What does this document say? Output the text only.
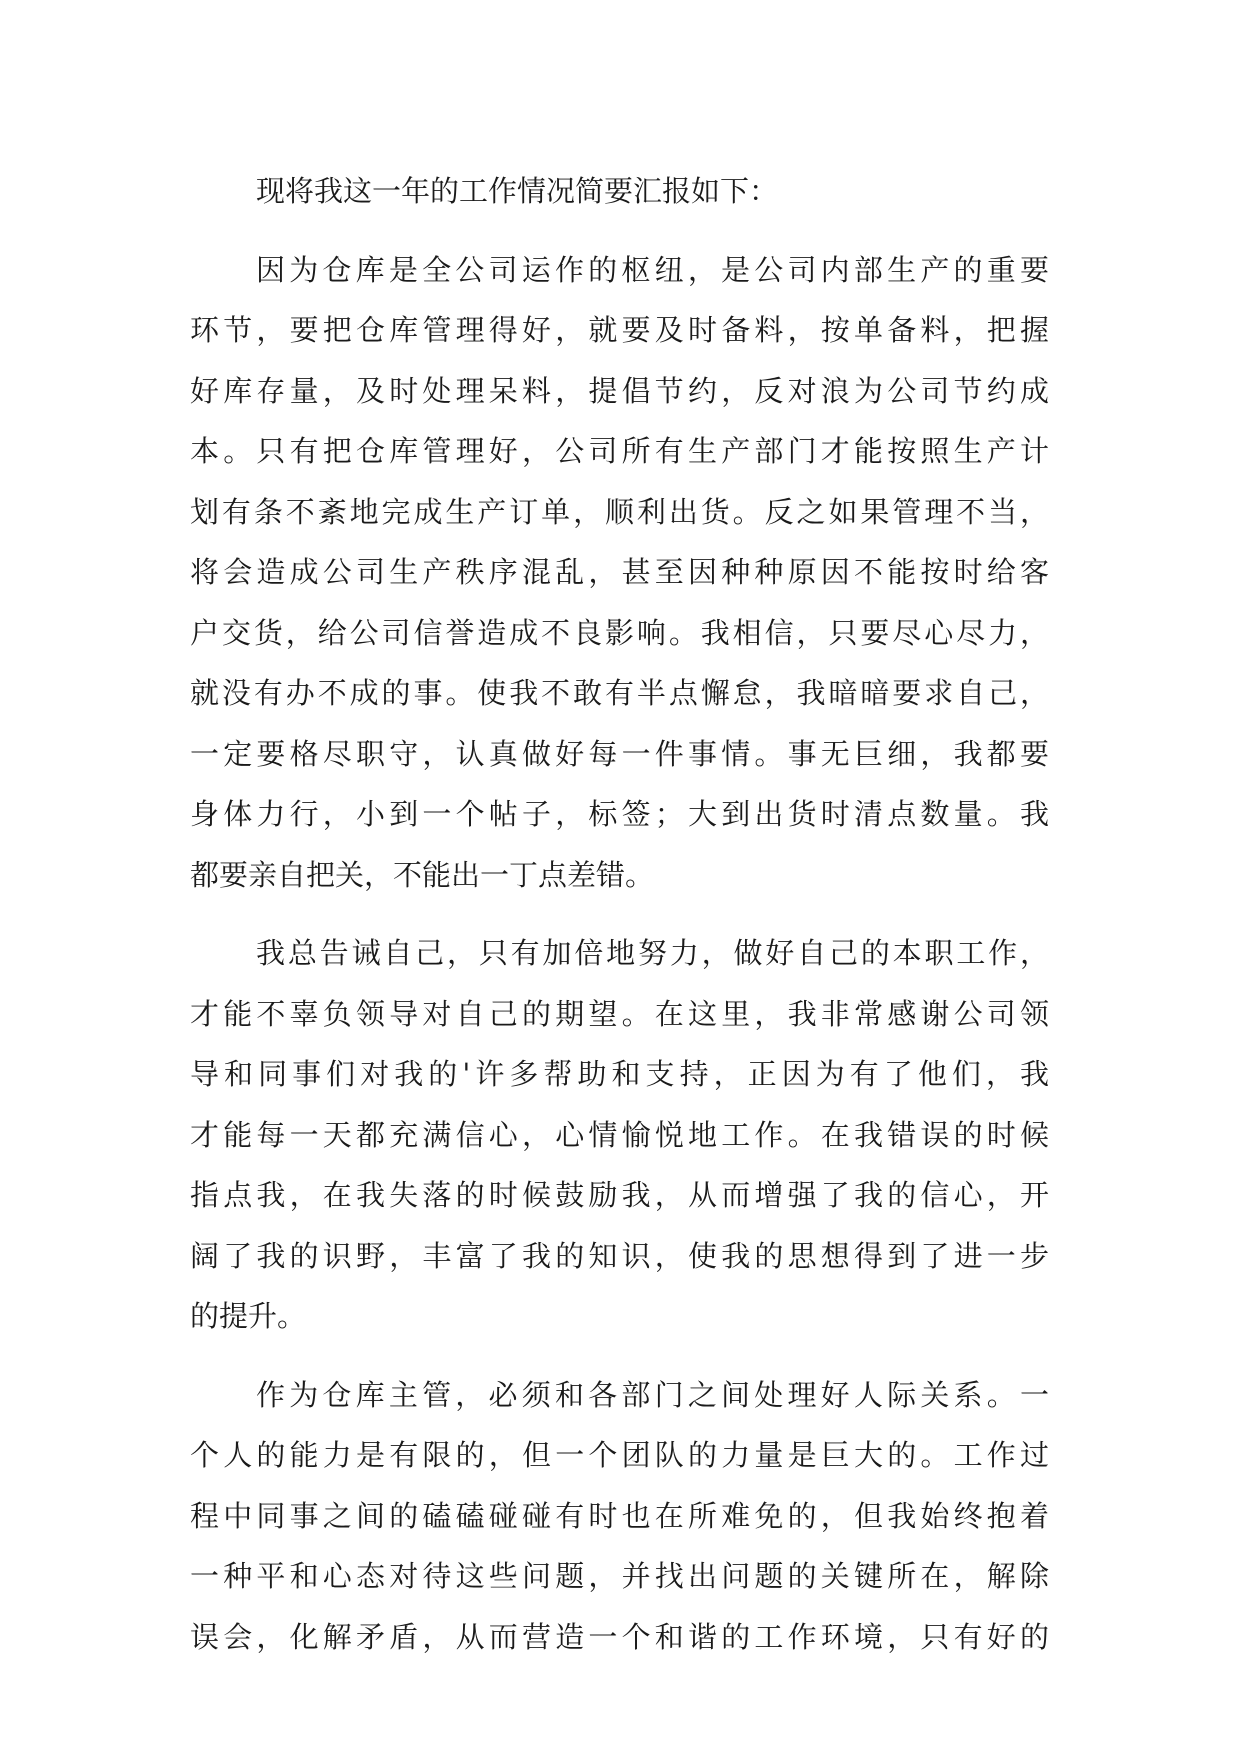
现将我这一年的工作情况简要汇报如下：
因为仓库是全公司运作的枢纽，是公司内部生产的重要
环节，要把仓库管理得好，就要及时备料，按单备料，把握
好库存量，及时处理呆料，提倡节约，反对浪为公司节约成
本。只有把仓库管理好，公司所有生产部门才能按照生产计
划有条不紊地完成生产订单，顺利出货。反之如果管理不当，
将会造成公司生产秩序混乱，甚至因种种原因不能按时给客
户交货，给公司信誉造成不良影响。我相信，只要尽心尽力，
就没有办不成的事。使我不敢有半点懈怠，我暗暗要求自己，
一定要格尽职守，认真做好每一件事情。事无巨细，我都要
身体力行，小到一个帖子，标签；大到出货时清点数量。我
都要亲自把关，不能出一丁点差错。
我总告诫自己，只有加倍地努力，做好自己的本职工作，
才能不辜负领导对自己的期望。在这里，我非常感谢公司领
导和同事们对我的'许多帮助和支持，正因为有了他们，我
才能每一天都充满信心，心情愉悦地工作。在我错误的时候
指点我，在我失落的时候鼓励我，从而增强了我的信心，开
阔了我的识野，丰富了我的知识，使我的思想得到了进一步
的提升。
作为仓库主管，必须和各部门之间处理好人际关系。一
个人的能力是有限的，但一个团队的力量是巨大的。工作过
程中同事之间的磕磕碰碰有时也在所难免的，但我始终抱着
一种平和心态对待这些问题，并找出问题的关键所在，解除
误会，化解矛盾，从而营造一个和谐的工作环境，只有好的
